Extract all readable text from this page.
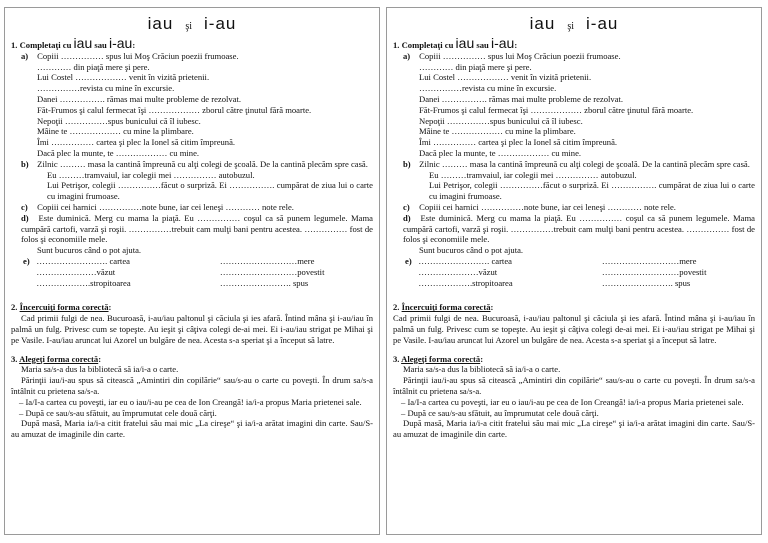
iau şi i-au

1. Completaţi cu iau sau i-au:

a) Copiii …………… spus lui Moş Crăciun poezii frumoase.

………… din piaţă mere şi pere.

Lui Costel ……………… venit în vizită prietenii.

……………revista cu mine în excursie.

Danei ……………. rămas mai multe probleme de rezolvat.

Făt-Frumos şi calul fermecat îşi ……………… zborul către ţinutul fără moarte.

Nepoţii ……………spus bunicului că îl iubesc.

Mâine te ……………… cu mine la plimbare.

Îmi …………… cartea şi plec la Ionel să citim împreună.

Dacă plec la munte, te ……………… cu mine.

b) Zilnic ……… masa la cantină împreună cu alţi colegi de şcoală. De la cantină plecăm spre casă.

Eu ………tramvaiul, iar colegii mei …………… autobuzul.

Lui Petrişor, colegii ……………făcut o surpriză. Ei ……………. cumpărat de ziua lui o carte cu imagini frumoase.

c) Copiii cei harnici ……………note bune, iar cei leneşi ………… note rele.

d) Este duminică. Merg cu mama la piaţă. Eu …………… coşul ca să punem legumele. Mama cumpără cartofi, varză şi roşii. ……………trebuit cam mulţi bani pentru acestea. …………… fost de folos şi economiile mele.

Sunt bucuros când o pot ajuta.

e) ……………………. cartea	………………………mere
…………………văzut	………………………povestit
……………….stropitoarea	……………………. spus

2. Încercuiţi forma corectă:

Cad primii fulgi de nea. Bucuroasă, i-au/iau paltonul şi căciula şi ies afară. Întind mâna şi i-au/iau în palmă un fulg. Privesc cum se topeşte. Au ieşit şi câţiva colegi de-ai mei. Ei i-au/iau strigat pe Mihai şi pe Vasile. I-au/iau aruncat lui Azorel un bulgăre de nea. Acesta s-a speriat şi a început să latre.

3. Alegeţi forma corectă:

Maria sa/s-a dus la bibliotecă să ia/i-a o carte.

Părinţii iau/i-au spus să citească „Amintiri din copilărie“ sau/s-au o carte cu poveşti. În drum sa/s-a întâlnit cu prietena sa/s-a.

– Ia/I-a cartea cu poveşti, iar eu o iau/i-au pe cea de Ion Creangă! ia/i-a propus Maria prietenei sale.

– După ce sau/s-au sfătuit, au împrumutat cele două cărţi.

După masă, Maria ia/i-a citit fratelui său mai mic „La cireşe“ şi ia/i-a arătat imagini din carte. Sau/S-au amuzat de imaginile din carte.

iau şi i-au

1. Completaţi cu iau sau i-au:

a) Copiii …………… spus lui Moş Crăciun poezii frumoase.

………… din piaţă mere şi pere.

Lui Costel ……………… venit în vizită prietenii.

……………revista cu mine în excursie.

Danei ……………. rămas mai multe probleme de rezolvat.

Făt-Frumos şi calul fermecat îşi ……………… zborul către ţinutul fără moarte.

Nepoţii ……………spus bunicului că îl iubesc.

Mâine te ……………… cu mine la plimbare.

Îmi …………… cartea şi plec la Ionel să citim împreună.

Dacă plec la munte, te ……………… cu mine.

b) Zilnic ……… masa la cantină împreună cu alţi colegi de şcoală. De la cantină plecăm spre casă.

Eu ………tramvaiul, iar colegii mei …………… autobuzul.

Lui Petrişor, colegii ……………făcut o surpriză. Ei ……………. cumpărat de ziua lui o carte cu imagini frumoase.

c) Copiii cei harnici ……………note bune, iar cei leneşi ………… note rele.

d) Este duminică. Merg cu mama la piaţă. Eu …………… coşul ca să punem legumele. Mama cumpără cartofi, varză şi roşii. ……………trebuit cam mulţi bani pentru acestea. …………… fost de folos şi economiile mele.

Sunt bucuros când o pot ajuta.

e) ……………………. cartea	………………………mere
…………………văzut	………………………povestit
……………….stropitoarea	……………………. spus

2. Încercuiţi forma corectă:

Cad primii fulgi de nea. Bucuroasă, i-au/iau paltonul şi căciula şi ies afară. Întind mâna şi i-au/iau în palmă un fulg. Privesc cum se topeşte. Au ieşit şi câţiva colegi de-ai mei. Ei i-au/iau strigat pe Mihai şi pe Vasile. I-au/iau aruncat lui Azorel un bulgăre de nea. Acesta s-a speriat şi a început să latre.

3. Alegeţi forma corectă:

Maria sa/s-a dus la bibliotecă să ia/i-a o carte.

Părinţii iau/i-au spus să citească „Amintiri din copilărie“ sau/s-au o carte cu poveşti. În drum sa/s-a întâlnit cu prietena sa/s-a.

– Ia/I-a cartea cu poveşti, iar eu o iau/i-au pe cea de Ion Creangă! ia/i-a propus Maria prietenei sale.

– După ce sau/s-au sfătuit, au împrumutat cele două cărţi.

După masă, Maria ia/i-a citit fratelui său mai mic „La cireşe“ şi ia/i-a arătat imagini din carte. Sau/S-au amuzat de imaginile din carte.
